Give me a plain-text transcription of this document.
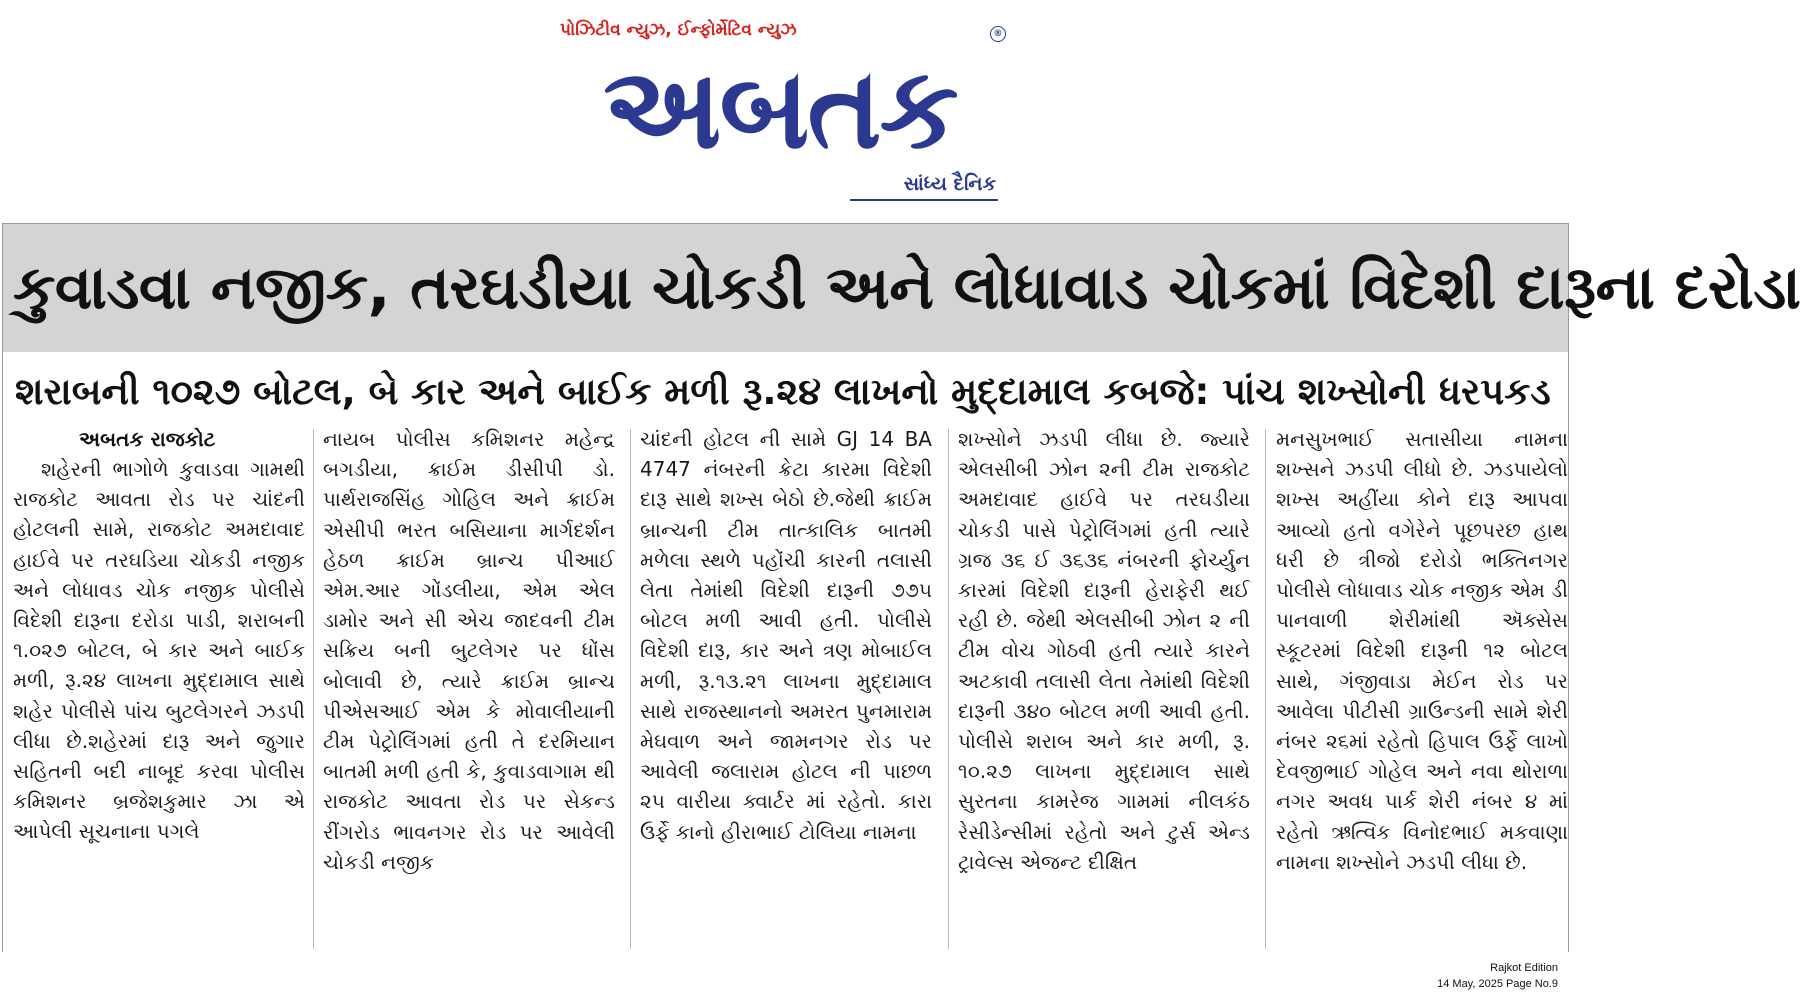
પોઝિટીવ ન્યુઝ, ઈન્ફોર્મેટિવ ન્યુઝ	®
અબતક
સાંધ્ય દૈનિક
કુવાડવા નજીક, તરઘડીયા ચોકડી અને લોધાવાડ ચોકમાં વિદેશી દારૂના દરોડા
શરાબની ૧૦૨૭ બોટલ, બે કાર અને બાઈક મળી રૂ.૨૪ લાખનો મુદ્દામાલ કબજે: પાંચ શખ્સોની ધરપકડ
અબતક રાજકોટ

શહેરની ભાગોળે કુવાડવા ગામથી રાજકોટ આવતા રોડ પર ચાંદની હોટલની સામે, રાજકોટ અમદાવાદ હાઈવે પર તરઘડિયા ચોકડી નજીક અને લોધાવડ ચોક નજીક પોલીસે વિદેશી દારૂના દરોડા પાડી, શરાબની ૧.૦૨૭ બોટલ, બે કાર અને બાઈક મળી, રૂ.૨૪ લાખના મુદ્દામાલ સાથે શહેર પોલીસે પાંચ બુટલેગરને ઝડપી લીધા છે.શહેરમાં દારૂ અને જુગાર સહિતની બદી નાબૂદ કરવા પોલીસ કમિશનર બ્રજેશકુમાર ઝા એ આપેલી સૂચનાના પગલે

નાયબ પોલીસ કમિશનર મહેન્દ્ર બગડીયા, ક્રાઈમ ડીસીપી ડો. પાર્થરાજસિંહ ગોહિલ અને ક્રાઈમ એસીપી ભરત બસિયાના માર્ગદર્શન હેઠળ ક્રાઈમ બ્રાન્ચ પીઆઈ એમ.આર ગોંડલીયા, એમ એલ ડામોર અને સી એચ જાદવની ટીમ સક્રિય બની બુટલેગર પર ધોંસ બોલાવી છે, ત્યારે ક્રાઈમ બ્રાન્ચ પીએસઆઈ એમ કે મોવાલીયાની ટીમ પેટ્રોલિંગમાં હતી તે દરમિયાન બાતમી મળી હતી કે, કુવાડવાગામ થી રાજકોટ આવતા રોડ પર સેકન્ડ રીંગરોડ ભાવનગર રોડ પર આવેલી ચોકડી નજીક

ચાંદની હોટલ ની સામે GJ 14 BA 4747 નંબરની ક્રેટા કારમા વિદેશી દારૂ સાથે શખ્સ બેઠો છે.જેથી ક્રાઈમ બ્રાન્ચની ટીમ તાત્કાલિક બાતમી મળેલા સ્થળે પહોંચી કારની તલાસી લેતા તેમાંથી વિદેશી દારૂની ૭૭૫ બોટલ મળી આવી હતી. પોલીસે વિદેશી દારૂ, કાર અને ત્રણ મોબાઈલ મળી, રૂ.૧૩.૨૧ લાખના મુદ્દામાલ સાથે રાજસ્થાનનો અમરત પુનમારામ મેઘવાળ અને જામનગર રોડ પર આવેલી જલારામ હોટલ ની પાછળ ૨૫ વારીયા ક્વાર્ટર માં રહેતો. કારા ઉર્ફે કાનો હીરાભાઈ ટોલિયા નામના

શખ્સોને ઝડપી લીધા છે. જ્યારે એલસીબી ઝોન ૨ની ટીમ રાજકોટ અમદાવાદ હાઈવે પર તરઘડીયા ચોકડી પાસે પેટ્રોલિંગમાં હતી ત્યારે ગ્રજ ૩૬ ઈ ૩૬૩૬ નંબરની ફોર્ચ્યુન કારમાં વિદેશી દારૂની હેરાફેરી થઈ રહી છે. જેથી એલસીબી ઝોન ૨ ની ટીમ વોચ ગોઠવી હતી ત્યારે કારને અટકાવી તલાસી લેતા તેમાંથી વિદેશી દારૂની ૩૪૦ બોટલ મળી આવી હતી. પોલીસે શરાબ અને કાર મળી, રૂ. ૧૦.૨૭ લાખના મુદ્દામાલ સાથે સુરતના કામરેજ ગામમાં નીલકંઠ રેસીડેન્સીમાં રહેતો અને ટુર્સ એન્ડ ટ્રાવેલ્સ એજન્ટ દીક્ષિત

મનસુખભાઈ સતાસીયા નામના શખ્સને ઝડપી લીધો છે. ઝડપાયેલો શખ્સ અહીંયા કોને દારૂ આપવા આવ્યો હતો વગેરેને પૂછપરછ હાથ ધરી છે ત્રીજો દરોડો ભક્તિનગર પોલીસે લોધાવાડ ચોક નજીક એમ ડી પાનવાળી શેરીમાંથી ઍક્સેસ સ્કૂટરમાં વિદેશી દારૂની ૧૨ બોટલ સાથે, ગંજીવાડા મેઈન રોડ પર આવેલા પીટીસી ગ્રાઉન્ડની સામે શેરી નંબર ૨૬માં રહેતો હિપાલ ઉર્ફે લાખો દેવજીભાઈ ગોહેલ અને નવા થોરાળા નગર અવધ પાર્ક શેરી નંબર ૪ માં રહેતો ઋત્વિક વિનોદભાઈ મકવાણા નામના શખ્સોને ઝડપી લીધા છે.

Rajkot Edition
14 May, 2025 Page No.9
